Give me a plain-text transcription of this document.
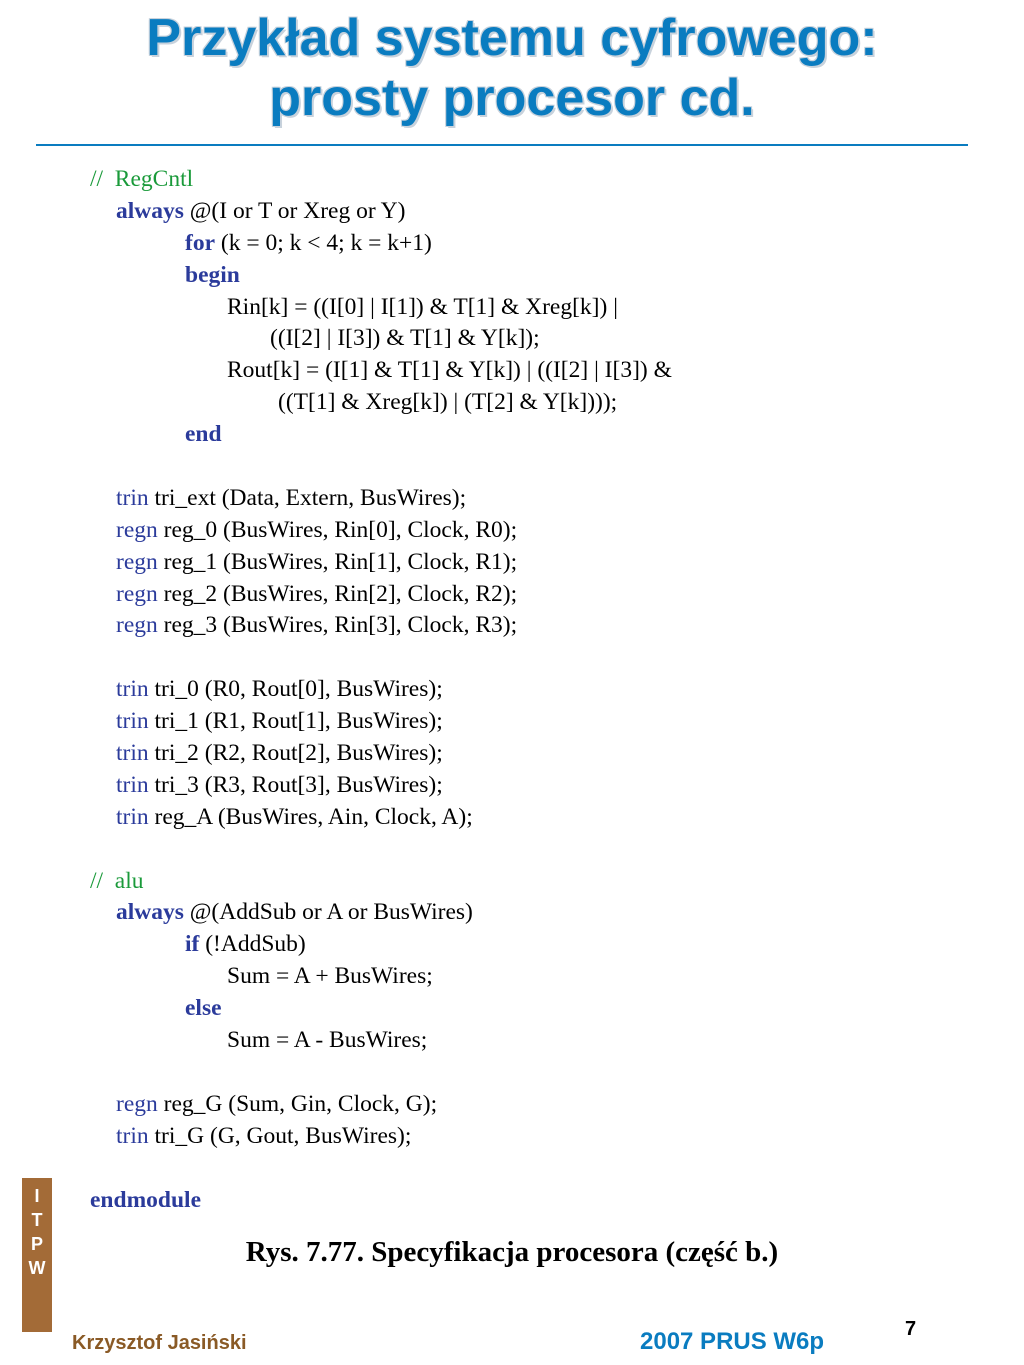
Przykład systemu cyfrowego:
prosty procesor cd.
//  RegCntl
always @(I or T or Xreg or Y)
for (k = 0; k < 4; k = k+1)
begin
Rin[k] = ((I[0] | I[1]) & T[1] & Xreg[k]) |
((I[2] | I[3]) & T[1] & Y[k]);
Rout[k] = (I[1] & T[1] & Y[k]) | ((I[2] | I[3]) &
((T[1] & Xreg[k]) | (T[2] & Y[k])));
end
trin tri_ext (Data, Extern, BusWires);
regn reg_0 (BusWires, Rin[0], Clock, R0);
regn reg_1 (BusWires, Rin[1], Clock, R1);
regn reg_2 (BusWires, Rin[2], Clock, R2);
regn reg_3 (BusWires, Rin[3], Clock, R3);
trin tri_0 (R0, Rout[0], BusWires);
trin tri_1 (R1, Rout[1], BusWires);
trin tri_2 (R2, Rout[2], BusWires);
trin tri_3 (R3, Rout[3], BusWires);
trin reg_A (BusWires, Ain, Clock, A);
//  alu
always @(AddSub or A or BusWires)
if (!AddSub)
Sum = A + BusWires;
else
Sum = A - BusWires;
regn reg_G (Sum, Gin, Clock, G);
trin tri_G (G, Gout, BusWires);
endmodule
Rys. 7.77. Specyfikacja procesora (część b.)
I
T
P
W
Krzysztof Jasiński	2007 PRUS W6p	7
